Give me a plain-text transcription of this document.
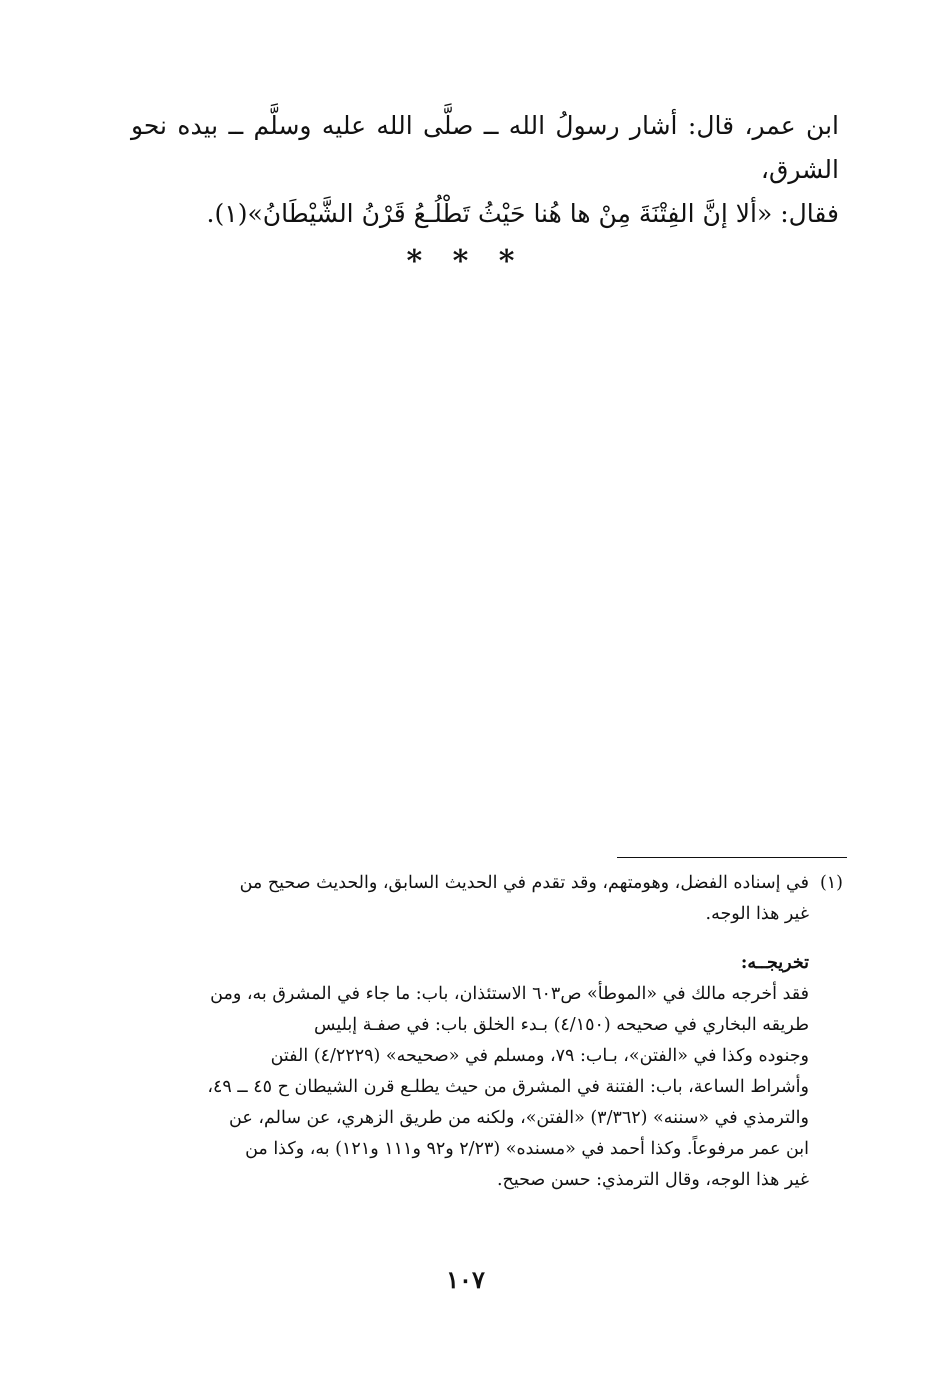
ابن عمر، قال: أشار رسولُ الله ــ صلَّى الله عليه وسلَّم ــ بيده نحو الشرق،

فقال: «ألا إنَّ الفِتْنَةَ مِنْ ها هُنا حَيْثُ تَطْلُـعُ قَرْنُ الشَّيْطَانُ»(١).

* * *
(١)

في إسناده الفضل، وهومتهم، وقد تقدم في الحديث السابق، والحديث صحيح من

غير هذا الوجه.

تخريجــه:
فقد أخرجه مالك في «الموطأ» ص٦٠٣ الاستئذان، باب: ما جاء في المشرق به، ومن
طريقه البخاري في صحيحه (٤/١٥٠) بـدء الخلق باب: في صفـة إبليس
وجنوده وكذا في «الفتن»، بـاب: ٧٩، ومسلم في «صحيحه» (٤/٢٢٢٩) الفتن
وأشراط الساعة، باب: الفتنة في المشرق من حيث يطلـع قرن الشيطان ح ٤٥ ــ ٤٩،
والترمذي في «سننه» (٣/٣٦٢) «الفتن»، ولكنه من طريق الزهري، عن سالم، عن
ابن عمر مرفوعاً. وكذا أحمد في «مسنده» (٢/٢٣ و٩٢ و١١١ و١٢١) به، وكذا من
غير هذا الوجه، وقال الترمذي: حسن صحيح.
١٠٧
